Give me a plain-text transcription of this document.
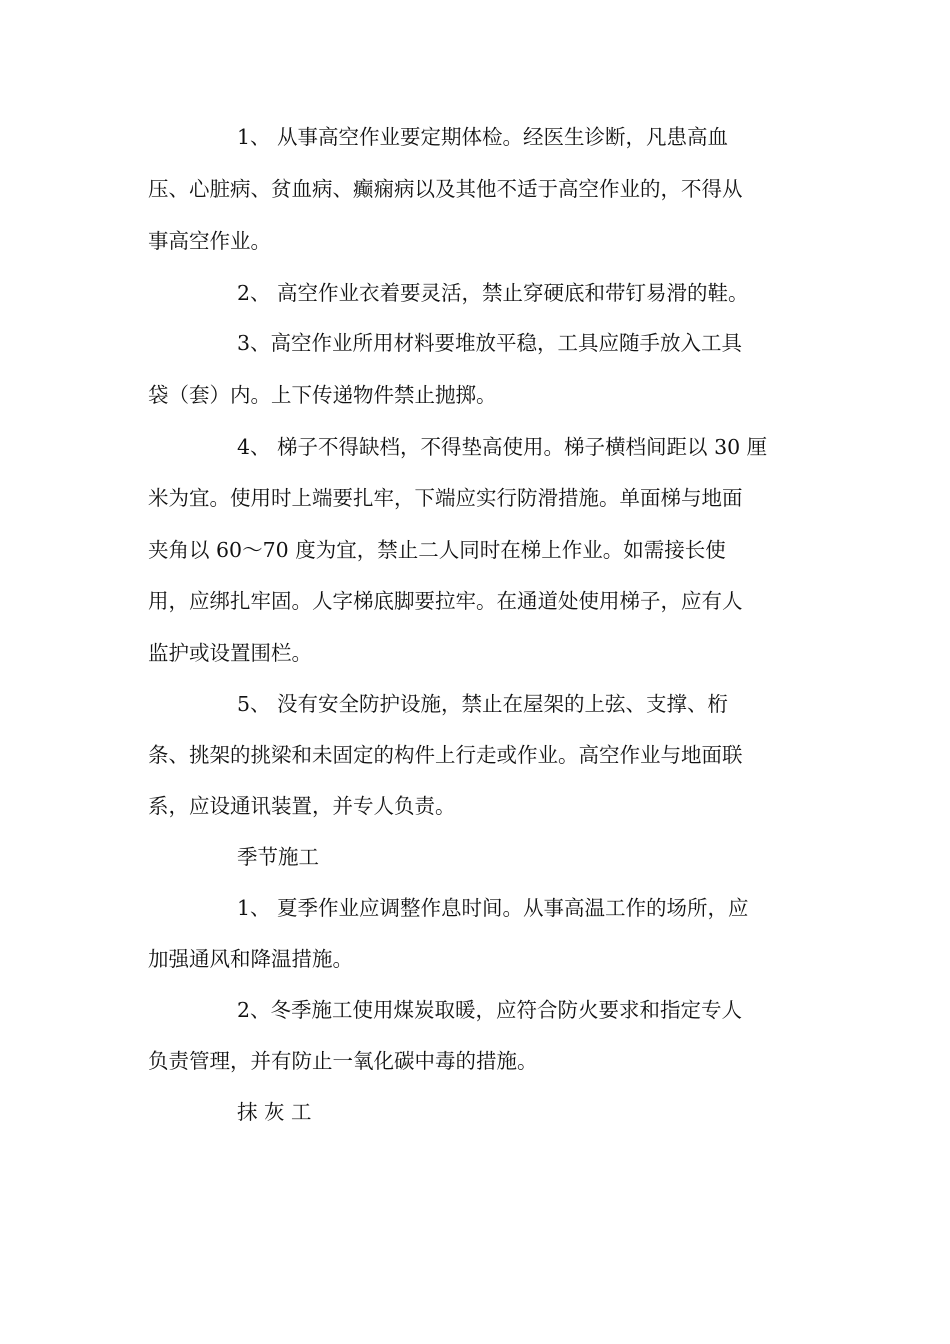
1、 从事高空作业要定期体检。经医生诊断，凡患高血
压、心脏病、贫血病、癫痫病以及其他不适于高空作业的，不得从
事高空作业。
2、 高空作业衣着要灵活，禁止穿硬底和带钉易滑的鞋。
3、高空作业所用材料要堆放平稳，工具应随手放入工具
袋（套）内。上下传递物件禁止抛掷。
4、 梯子不得缺档，不得垫高使用。梯子横档间距以 30 厘
米为宜。使用时上端要扎牢，下端应实行防滑措施。单面梯与地面
夹角以 60～70 度为宜，禁止二人同时在梯上作业。如需接长使
用，应绑扎牢固。人字梯底脚要拉牢。在通道处使用梯子，应有人
监护或设置围栏。
5、 没有安全防护设施，禁止在屋架的上弦、支撑、桁
条、挑架的挑梁和未固定的构件上行走或作业。高空作业与地面联
系，应设通讯装置，并专人负责。
季节施工
1、 夏季作业应调整作息时间。从事高温工作的场所，应
加强通风和降温措施。
2、冬季施工使用煤炭取暖，应符合防火要求和指定专人
负责管理，并有防止一氧化碳中毒的措施。
抹 灰 工
